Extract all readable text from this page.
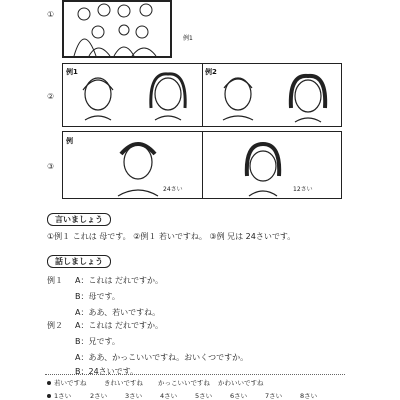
①
例1
②
例1	例2
③
例
24さい	12さい
言いましょう
①例１ これは 母です。 ②例１ 若いですね。 ③例 兄は 24さいです。
話しましょう
例１ A：これは だれですか。
B：母です。
A：ああ、若いですね。
例２ A：これは だれですか。
B：兄です。
A：ああ、かっこいいですね。おいくつですか。
B：24さいです。
若いですね	きれいですね かっこいいですね かわいいですね
1さい	2さい	3さい	4さい	5さい	6さい	7さい	8さい
